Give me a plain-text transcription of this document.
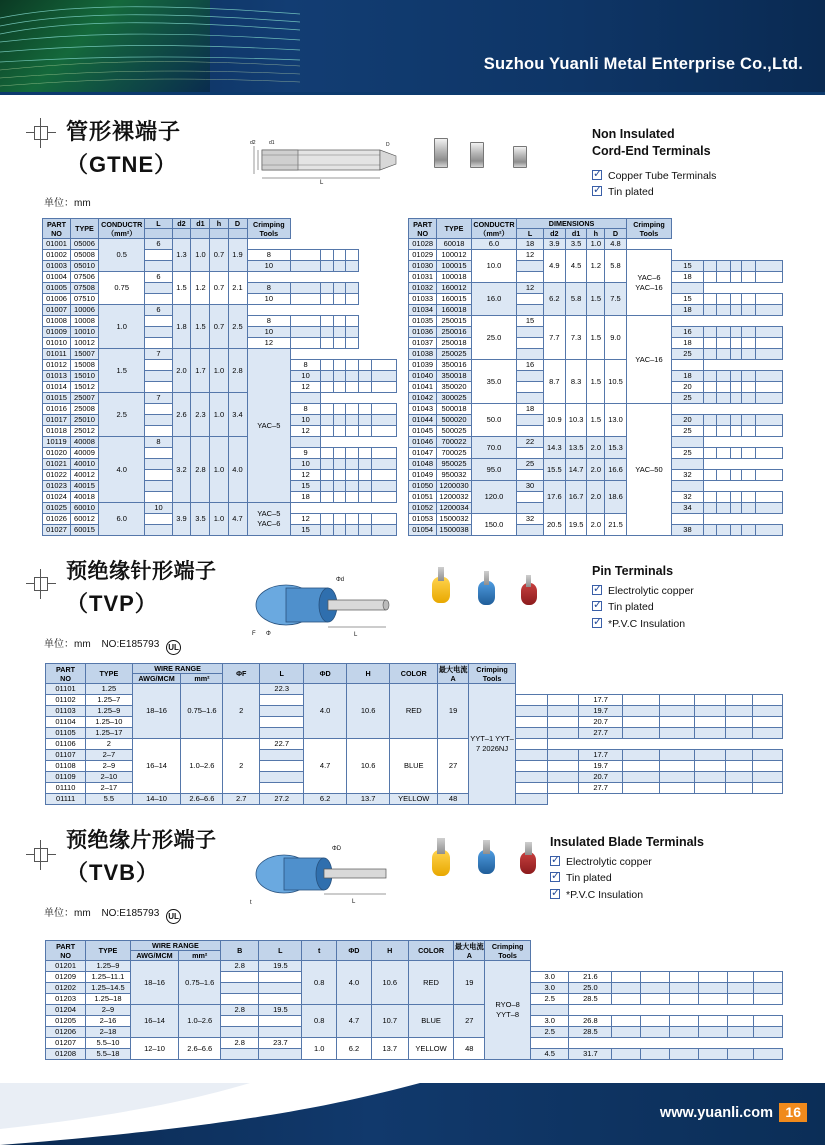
Suzhou Yuanli Metal Enterprise Co.,Ltd.
管形裸端子
（GTNE）
单位：mm
d2	d1
L
D
Non Insulated
Cord-End Terminals
✓Copper Tube Terminals
✓Tin plated
PART
NO	TYPE	CONDUCTR
（mm²）	L	d2	d1	h	D	Crimping
Tools						

01001	05006	0.5	6	1.3	1.0	0.7	1.9							
01002	05008							8						
01003	05010							10						
01004	07506	0.75	6	1.5	1.2	0.7	2.1							
01005	07508							8						
01006	07510							10						
01007	10006	1.0	6	1.8	1.5	0.7	2.5							
01008	10008							8						
01009	10010							10						
01010	10012							12						
01011	15007	1.5	7	2.0	1.7	1.0	2.8	YAC–5						
01012	15008								8					
01013	15010								10					
01014	15012								12					
01015	25007	2.5	7	2.6	2.3	1.0	3.4							
01016	25008								8					
01017	25010								10					
01018	25012								12					
10119	40008	4.0	8	3.2	2.8	1.0	4.0							
01020	40009								9					
01021	40010								10					
01022	40012								12					
01023	40015								15					
01024	40018								18					
01025	60010	6.0	10	3.9	3.5	1.0	4.7	YAC–5 YAC–6						
01026	60012								12					
01027	60015								15					
PART
NO	TYPE	CONDUCTR
（mm²）	DIMENSIONS					Crimping
Tools						
			L	d2	d1	h	D							
01028	60018	6.0	18	3.9	3.5	1.0	4.8							
01029	100012	10.0	12	4.9	4.5	1.2	5.8	YAC–6 YAC–16						
01030	100015								15					
01031	100018								18					
01032	160012	16.0	12	6.2	5.8	1.5	7.5							
01033	160015								15					
01034	160018								18					
01035	250015	25.0	15	7.7	7.3	1.5	9.0	YAC–16						
01036	250016								16					
01037	250018								18					
01038	250025								25					
01039	350016	35.0	16	8.7	8.3	1.5	10.5							
01040	350018								18					
01041	350020								20					
01042	300025								25					
01043	500018	50.0	18	10.9	10.3	1.5	13.0	YAC–50						
01044	500020								20					
01045	500025								25					
01046	700022	70.0	22	14.3	13.5	2.0	15.3							
01047	700025								25					
01048	950025	95.0	25	15.5	14.7	2.0	16.6							
01049	950032								32					
01050	1200030	120.0	30	17.6	16.7	2.0	18.6							
01051	1200032								32					
01052	1200034								34					
01053	1500032	150.0	32	20.5	19.5	2.0	21.5							
01054	1500038								38					
预绝缘针形端子
（TVP）
单位：mm NO:E185793 UL
Φd
L
F Φ
Pin Terminals
✓Electrolytic copper
✓Tin plated
✓*P.V.C Insulation
PART
NO	TYPE	WIRE RANGE		ΦF	L	ΦD	H	COLOR	最大电流 A	Crimping
Tools								
		AWG/MCM	mm²															
01101	1.25	18–16	0.75–1.6	2	22.3	4.0	10.6	RED	19	YYT–1 YYT–7 2026NJ								
01102	1.25–7												17.7					
01103	1.25–9												19.7					
01104	1.25–10												20.7					
01105	1.25–17												27.7					
01106	2	16–14	1.0–2.6	2	22.7	4.7	10.6	BLUE	27									
01107	2–7												17.7					
01108	2–9												19.7					
01109	2–10												20.7					
01110	2–17												27.7					
01111	5.5	14–10	2.6–6.6	2.7	27.2	6.2	13.7	YELLOW	48									
预绝缘片形端子
（TVB）
单位：mm NO:E185793 UL
ΦD
L
t
Insulated Blade Terminals
✓Electrolytic copper
✓Tin plated
✓*P.V.C Insulation
PART
NO	TYPE	WIRE RANGE		B	L	t	ΦD	H	COLOR	最大电流 A	Crimping
Tools								
		AWG/MCM	mm²																
01201	1.25–9	18–16	0.75–1.6	2.8	19.5	0.8	4.0	10.6	RED	19	RYO–8 YYT–8								
01209	1.25–11.1											3.0	21.6						
01202	1.25–14.5											3.0	25.0						
01203	1.25–18											2.5	28.5						
01204	2–9	16–14	1.0–2.6	2.8	19.5	0.8	4.7	10.7	BLUE	27									
01205	2–16											3.0	26.8						
01206	2–18											2.5	28.5						
01207	5.5–10	12–10	2.6–6.6	2.8	23.7	1.0	6.2	13.7	YELLOW	48									
01208	5.5–18											4.5	31.7						
www.yuanli.com 16
